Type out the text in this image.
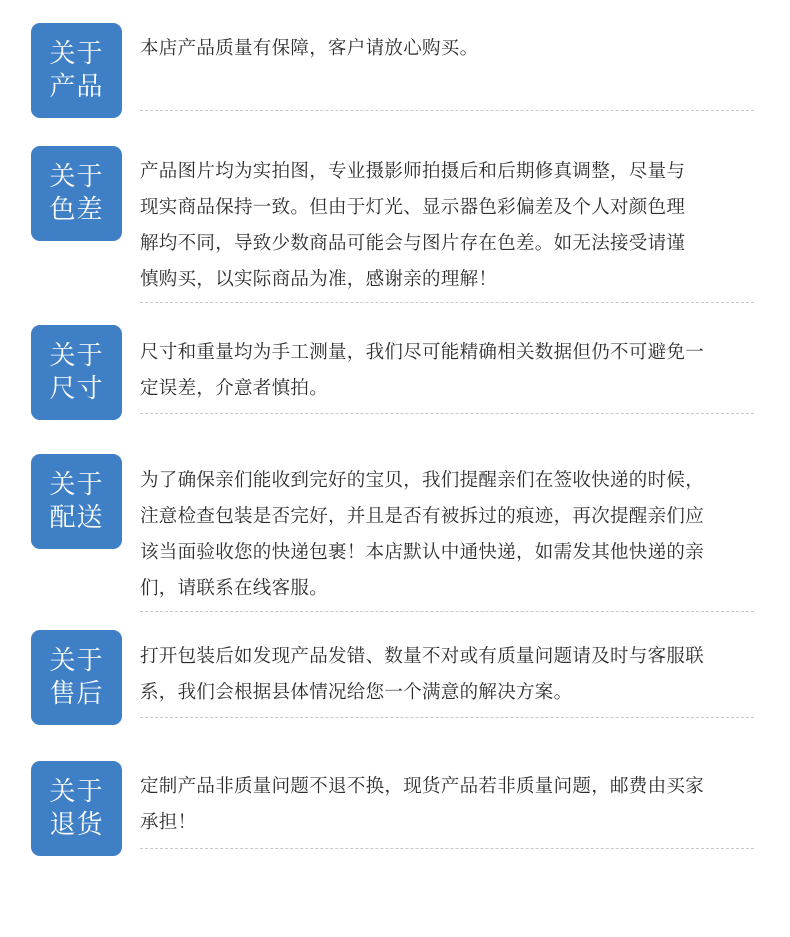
关于
产品
本店产品质量有保障，客户请放心购买。
关于
色差
产品图片均为实拍图，专业摄影师拍摄后和后期修真调整，尽量与
现实商品保持一致。但由于灯光、显示器色彩偏差及个人对颜色理
解均不同，导致少数商品可能会与图片存在色差。如无法接受请谨
慎购买，以实际商品为准，感谢亲的理解！
关于
尺寸
尺寸和重量均为手工测量，我们尽可能精确相关数据但仍不可避免一
定误差，介意者慎拍。
关于
配送
为了确保亲们能收到完好的宝贝，我们提醒亲们在签收快递的时候，
注意检查包装是否完好，并且是否有被拆过的痕迹，再次提醒亲们应
该当面验收您的快递包裹！本店默认中通快递，如需发其他快递的亲
们，请联系在线客服。
关于
售后
打开包装后如发现产品发错、数量不对或有质量问题请及时与客服联
系，我们会根据县体情况给您一个满意的解决方案。
关于
退货
定制产品非质量问题不退不换，现货产品若非质量问题，邮费由买家
承担！
